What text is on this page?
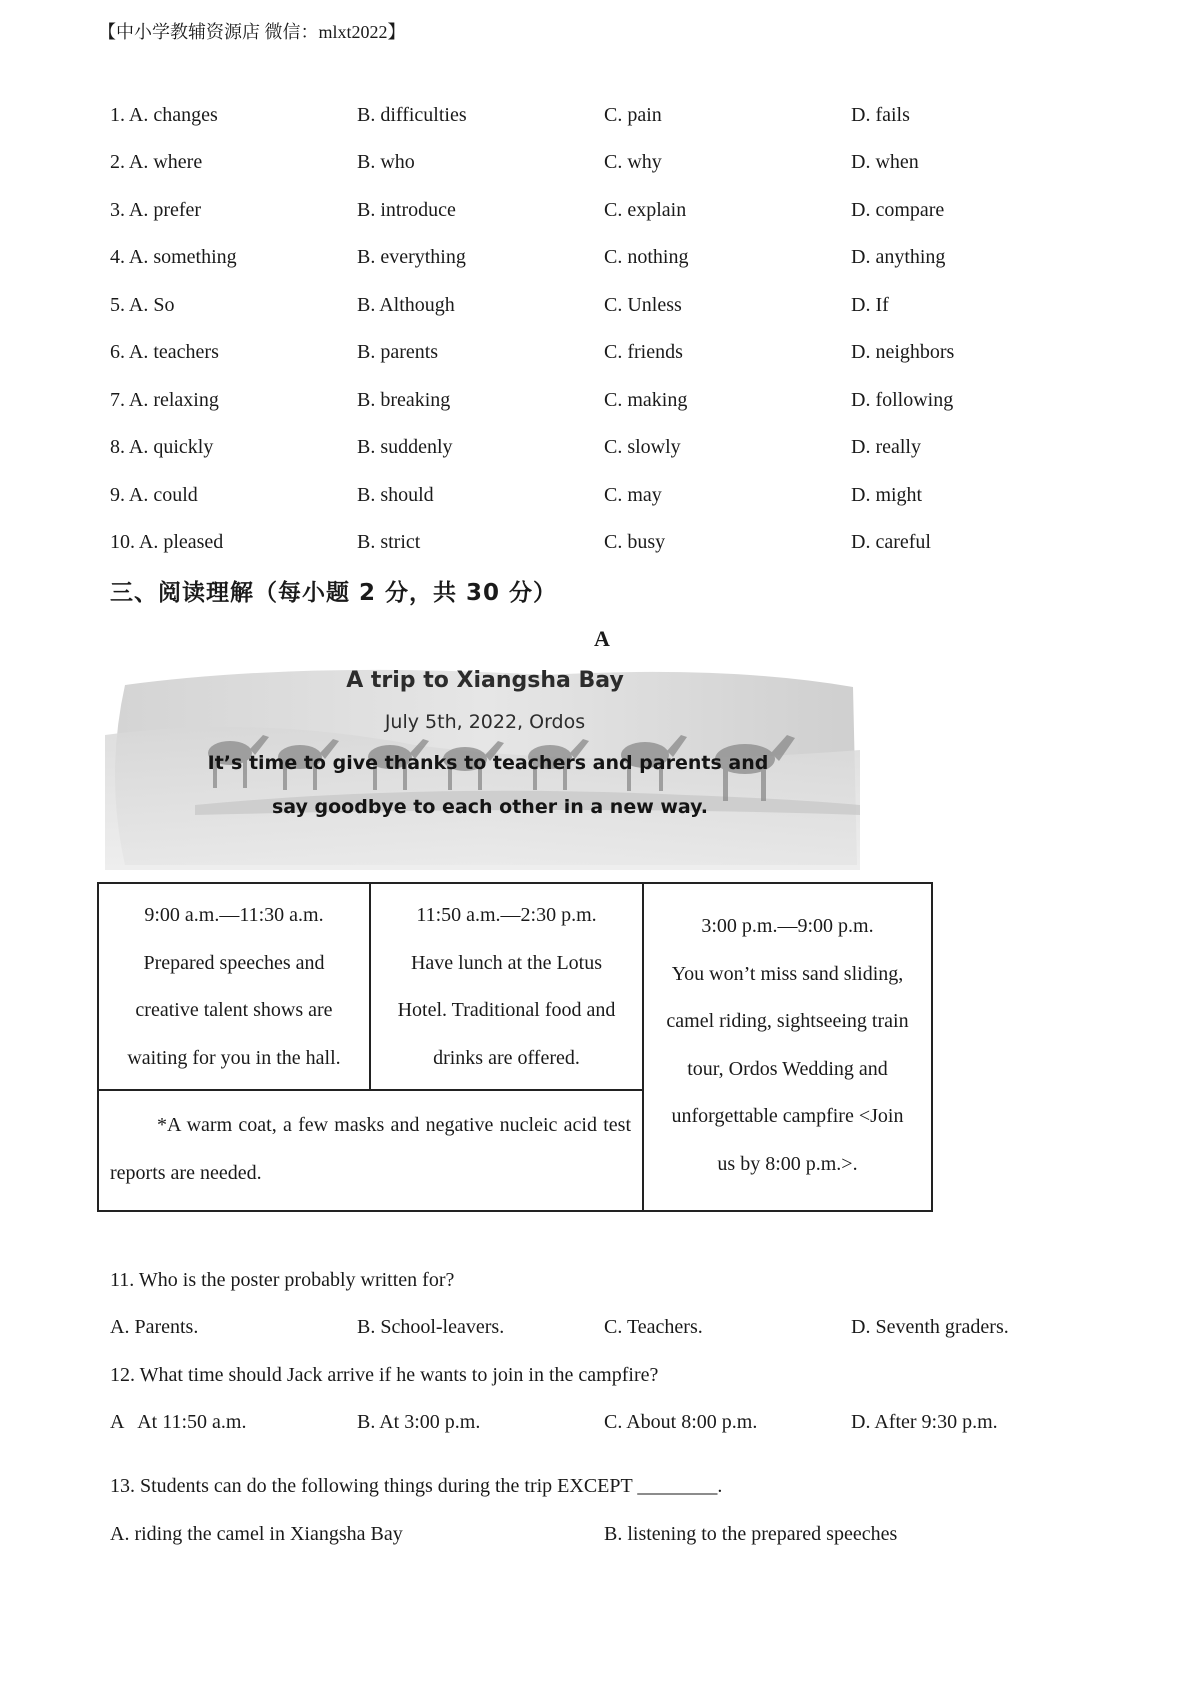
【中小学教辅资源店 微信：mlxt2022】
1. A. changes	B. difficulties	C. pain	D. fails
2. A. where	B. who	C. why	D. when
3. A. prefer	B. introduce	C. explain	D. compare
4. A. something	B. everything	C. nothing	D. anything
5. A. So	B. Although	C. Unless	D. If
6. A. teachers	B. parents	C. friends	D. neighbors
7. A. relaxing	B. breaking	C. making	D. following
8. A. quickly	B. suddenly	C. slowly	D. really
9. A. could	B. should	C. may	D. might
10. A. pleased	B. strict	C. busy	D. careful
三、阅读理解（每小题 2 分，共 30 分）
A
A trip to Xiangsha Bay
July 5th, 2022, Ordos
It’s time to give thanks to teachers and parents and
say goodbye to each other in a new way.
9:00 a.m.—11:30 a.m.
Prepared speeches and
creative talent shows are
waiting for you in the hall.
11:50 a.m.—2:30 p.m.
Have lunch at the Lotus
Hotel. Traditional food and
drinks are offered.
3:00 p.m.—9:00 p.m.
You won’t miss sand sliding,
camel riding, sightseeing train
tour, Ordos Wedding and
unforgettable campfire <Join
us by 8:00 p.m.>.

*A warm coat, a few masks and negative nucleic acid test reports are needed.

11. Who is the poster probably written for?
A. Parents.	B. School-leavers.	C. Teachers.	D. Seventh graders.
12. What time should Jack arrive if he wants to join in the campfire?

A   At 11:50 a.m.

	B. At 3:00 p.m.

	C. About 8:00 p.m.

	D. After 9:30 p.m.

13. Students can do the following things during the trip EXCEPT ________.
A. riding the camel in Xiangsha Bay	B. listening to the prepared speeches
